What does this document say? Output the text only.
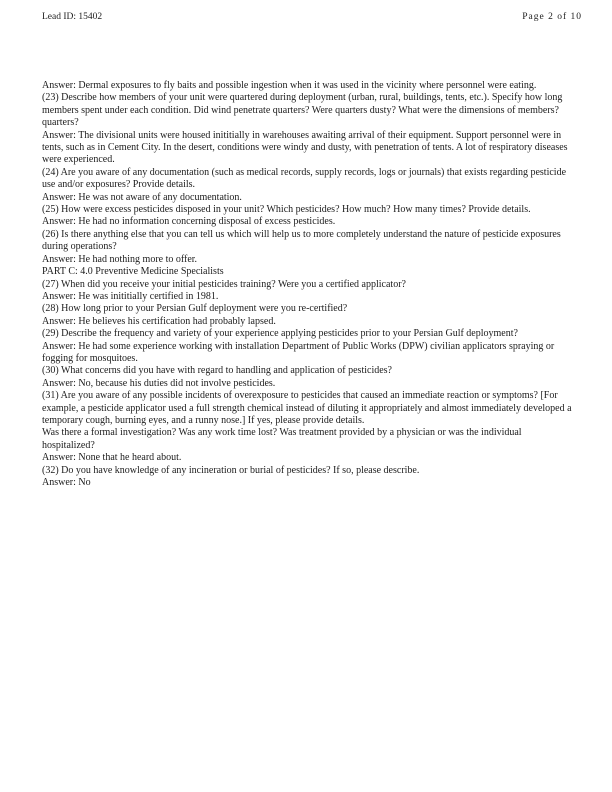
Lead ID: 15402	Page 2 of 10

Answer: Dermal exposures to fly baits and possible ingestion when it was used in the vicinity where personnel were eating.

(23) Describe how members of your unit were quartered during deployment (urban, rural, buildings, tents, etc.). Specify how long members spent under each condition. Did wind penetrate quarters? Were quarters dusty? What were the dimensions of members? quarters?

Answer: The divisional units were housed inititially in warehouses awaiting arrival of their equipment. Support personnel were in tents, such as in Cement City. In the desert, conditions were windy and dusty, with penetration of tents. A lot of respiratory diseases were experienced.

(24) Are you aware of any documentation (such as medical records, supply records, logs or journals) that exists regarding pesticide use and/or exposures? Provide details.

Answer: He was not aware of any documentation.

(25) How were excess pesticides disposed in your unit? Which pesticides? How much? How many times? Provide details.

Answer: He had no information concerning disposal of excess pesticides.

(26) Is there anything else that you can tell us which will help us to more completely understand the nature of pesticide exposures during operations?

Answer: He had nothing more to offer.

PART C: 4.0 Preventive Medicine Specialists

(27) When did you receive your initial pesticides training? Were you a certified applicator?

Answer: He was inititially certified in 1981.

(28) How long prior to your Persian Gulf deployment were you re-certified?

Answer: He believes his certification had probably lapsed.

(29) Describe the frequency and variety of your experience applying pesticides prior to your Persian Gulf deployment?

Answer: He had some experience working with installation Department of Public Works (DPW) civilian applicators spraying or fogging for mosquitoes.

(30) What concerns did you have with regard to handling and application of pesticides?

Answer: No, because his duties did not involve pesticides.

(31) Are you aware of any possible incidents of overexposure to pesticides that caused an immediate reaction or symptoms? [For example, a pesticide applicator used a full strength chemical instead of diluting it appropriately and almost immediately developed a temporary cough, burning eyes, and a runny nose.] If yes, please provide details.

Was there a formal investigation? Was any work time lost? Was treatment provided by a physician or was the individual hospitalized?

Answer: None that he heard about.

(32) Do you have knowledge of any incineration or burial of pesticides? If so, please describe.

Answer: No
